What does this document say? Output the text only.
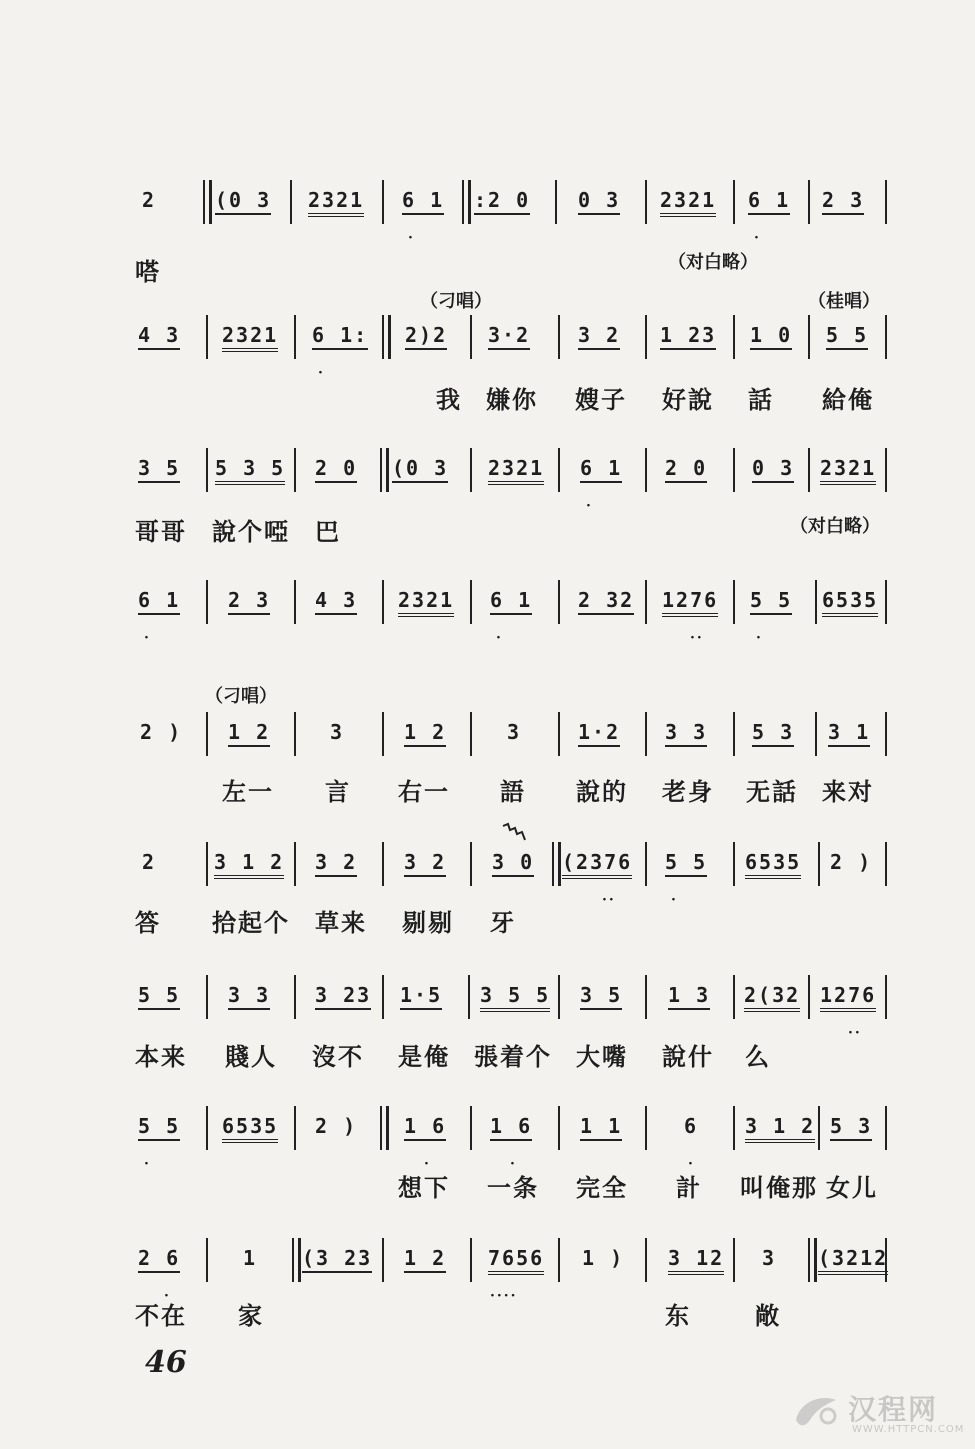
2	(0 3 2321 6 1
·
:2 0 0 3 2321 6 1
·
2 3
嗒	（对白略）
（刁唱）	（桂唱）
4 3 2321 6 1:
·
2)2 3·2 3 2 1 23 1 0 5 5
我 嫌你 嫂子 好說 話 給俺
3 5 5 3 5 2 0 (0 3 2321 6 1
·
2 0 0 3 2321
哥哥 說个啞 巴	（对白略）
6 1
·
2 3 4 3 2321 6 1
·
2 32 1276
··
5 5
·
6535
（刁唱）
2 ) 1 2	3	1 2	3	1·2 3 3 5 3 3 1
左一 言 右一 語 說的 老身 无話 来对
2	3 1 2 3 2 3 2 3 0 (2376
··
5 5
·
6535 2 )
答 拾起个 草来 剔剔 牙
5 5 3 3 3 23 1·5 3 5 5 3 5 1 3 2(32 1276
··
本来 賤人 沒不 是俺 張着个 大嘴 說什 么
5 5
·
6535 2 ) 1 6
·
1 6
·
1 1	6
·
3 1 2 5 3
想下 一条 完全 計 叫俺那 女儿
2 6
·
1 (3 23 1 2 7656
····
1 ) 3 12 3 (3212
不在 家	东	敞
46
汉程网
WWW.HTTPCN.COM
